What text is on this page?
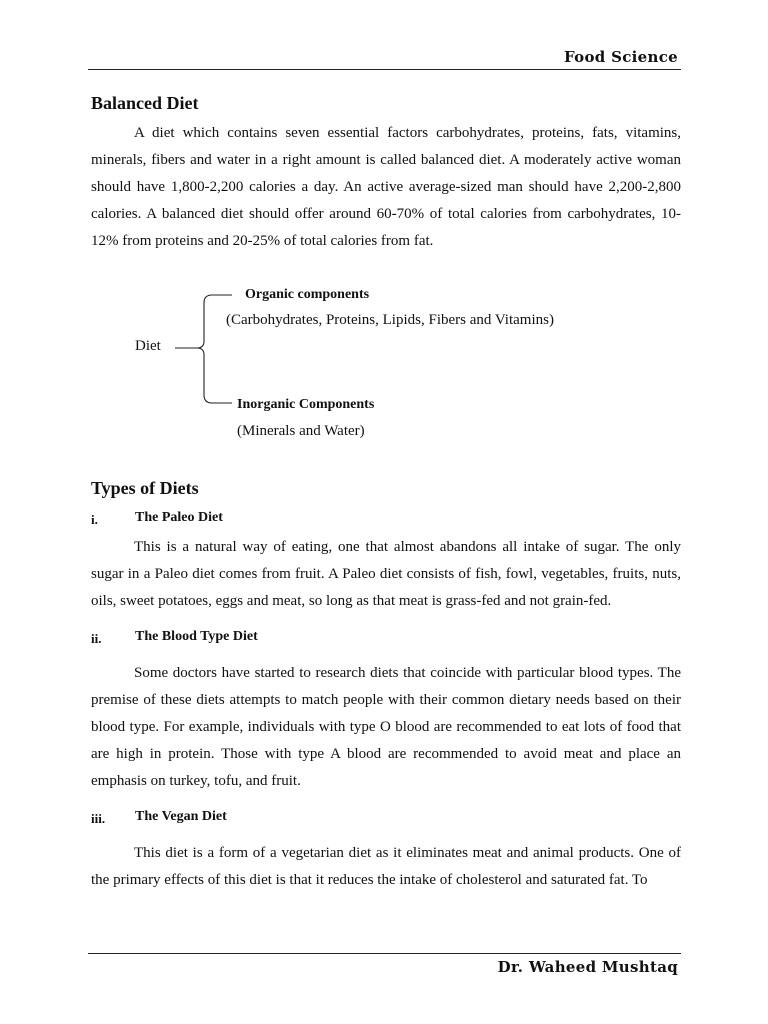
Food Science
Balanced Diet

A diet which contains seven essential factors carbohydrates, proteins, fats, vitamins, minerals, fibers and water in a right amount is called balanced diet. A moderately active woman should have 1,800-2,200 calories a day. An active average-sized man should have 2,200-2,800 calories. A balanced diet should offer around 60-70% of total calories from carbohydrates, 10-12% from proteins and 20-25% of total calories from fat.

Diet
Organic components
(Carbohydrates, Proteins, Lipids, Fibers and Vitamins)
Inorganic Components
(Minerals and Water)
Types of Diets
i.	The Paleo Diet

This is a natural way of eating, one that almost abandons all intake of sugar. The only sugar in a Paleo diet comes from fruit. A Paleo diet consists of fish, fowl, vegetables, fruits, nuts, oils, sweet potatoes, eggs and meat, so long as that meat is grass-fed and not grain-fed.

ii. The Blood Type Diet

Some doctors have started to research diets that coincide with particular blood types. The premise of these diets attempts to match people with their common dietary needs based on their blood type. For example, individuals with type O blood are recommended to eat lots of food that are high in protein. Those with type A blood are recommended to avoid meat and place an emphasis on turkey, tofu, and fruit.

iii. The Vegan Diet

This diet is a form of a vegetarian diet as it eliminates meat and animal products. One of the primary effects of this diet is that it reduces the intake of cholesterol and saturated fat. To

Dr. Waheed Mushtaq
